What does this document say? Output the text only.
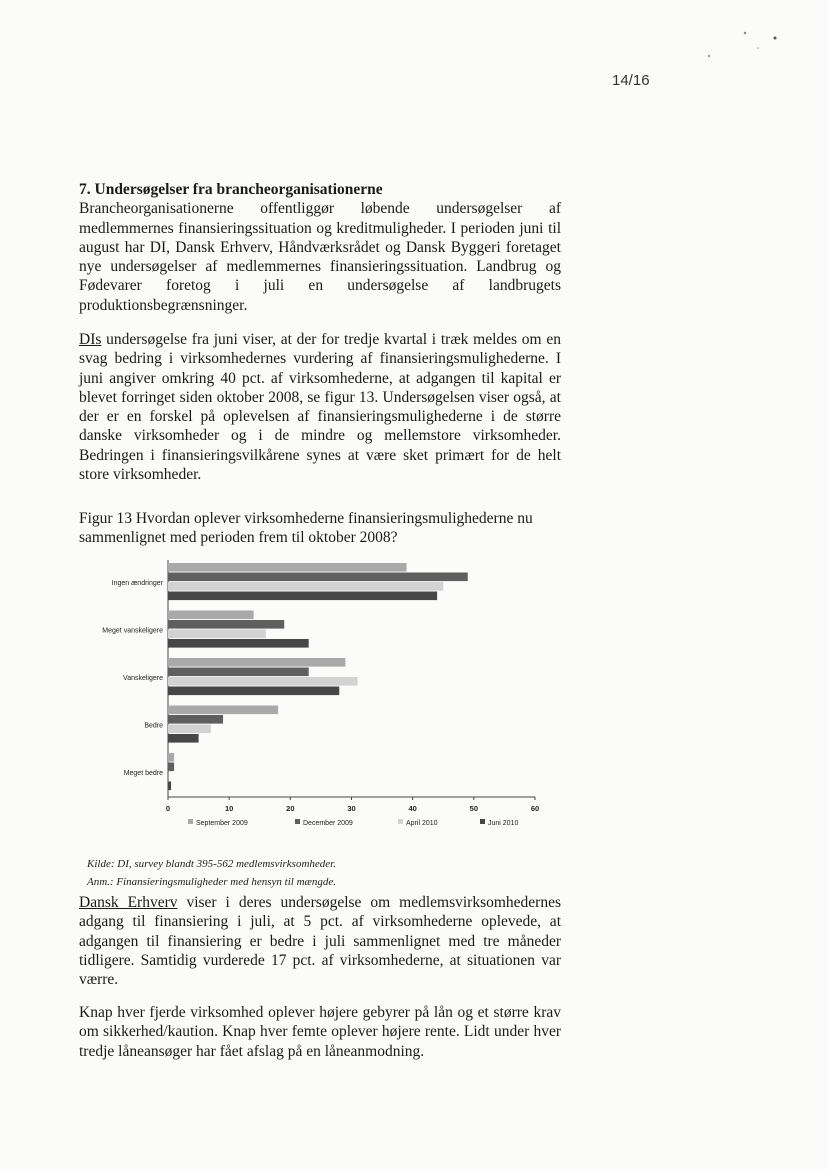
14/16
7. Undersøgelser fra brancheorganisationerne

Brancheorganisationerne offentliggør løbende undersøgelser af medlemmernes finansieringssituation og kreditmuligheder. I perioden juni til august har DI, Dansk Erhverv, Håndværksrådet og Dansk Byggeri foretaget nye undersøgelser af medlemmernes finansieringssituation. Landbrug og Fødevarer foretog i juli en undersøgelse af landbrugets produktionsbegrænsninger.

DIs undersøgelse fra juni viser, at der for tredje kvartal i træk meldes om en svag bedring i virksomhedernes vurdering af finansieringsmulighederne. I juni angiver omkring 40 pct. af virksomhederne, at adgangen til kapital er blevet forringet siden oktober 2008, se figur 13. Undersøgelsen viser også, at der er en forskel på oplevelsen af finansieringsmulighederne i de større danske virksomheder og i de mindre og mellemstore virksomheder. Bedringen i finansieringsvilkårene synes at være sket primært for de helt store virksomheder.

Figur 13 Hvordan oplever virksomhederne finansieringsmulighederne nu sammenlignet med perioden frem til oktober 2008?
0	10	20	30	40	50	60
Ingen ændringer
Meget vanskeligere
Vanskeligere
Bedre
Meget bedre
September 2009	December 2009	April 2010	Juni 2010
Kilde: DI, survey blandt 395-562 medlemsvirksomheder.
Anm.: Finansieringsmuligheder med hensyn til mængde.

Dansk Erhverv viser i deres undersøgelse om medlemsvirksomhedernes adgang til finansiering i juli, at 5 pct. af virksomhederne oplevede, at adgangen til finansiering er bedre i juli sammenlignet med tre måneder tidligere. Samtidig vurderede 17 pct. af virksomhederne, at situationen var værre.

Knap hver fjerde virksomhed oplever højere gebyrer på lån og et større krav om sikkerhed/kaution. Knap hver femte oplever højere rente. Lidt under hver tredje låneansøger har fået afslag på en låneanmodning.
